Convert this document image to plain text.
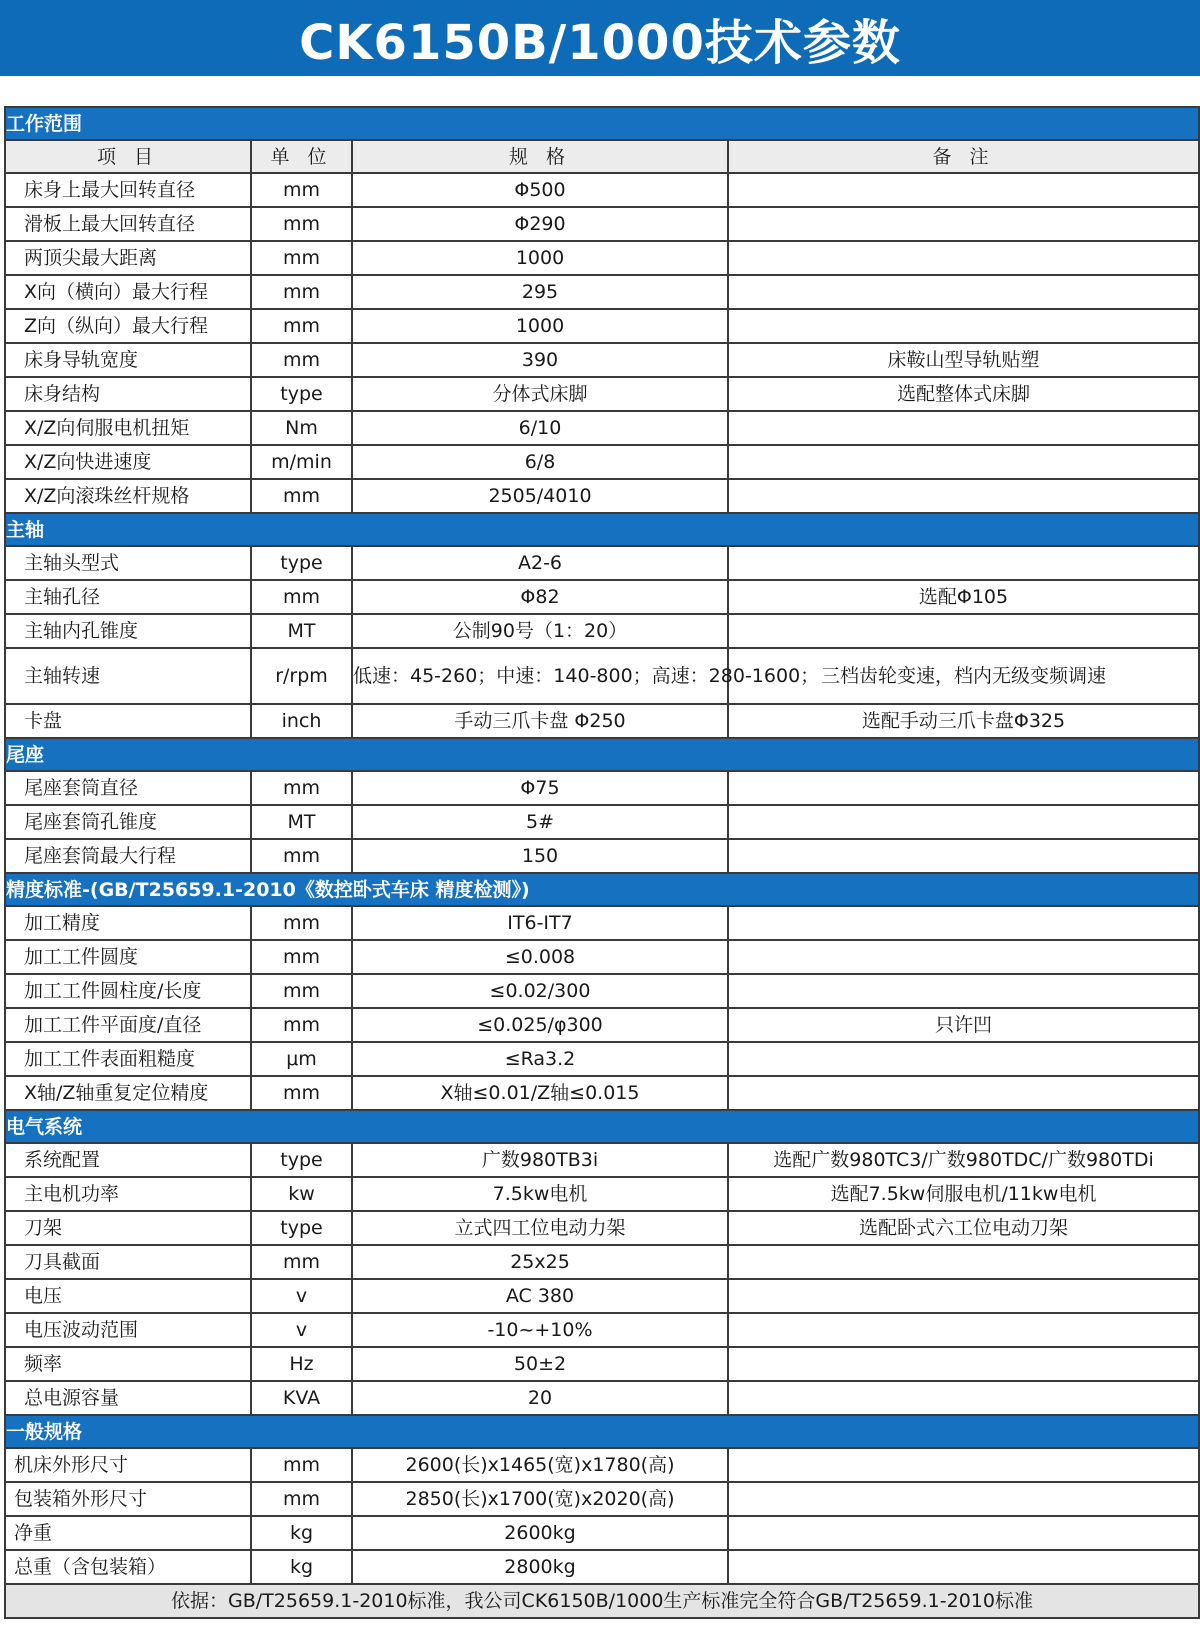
CK6150B/1000技术参数
工作范围			
项 目	单 位	规 格	备 注
床身上最大回转直径	mm	Φ500	
滑板上最大回转直径	mm	Φ290	
两顶尖最大距离	mm	1000	
X向（横向）最大行程	mm	295	
Z向（纵向）最大行程	mm	1000	
床身导轨宽度	mm	390	床鞍山型导轨贴塑
床身结构	type	分体式床脚	选配整体式床脚
X/Z向伺服电机扭矩	Nm	6/10	
X/Z向快进速度	m/min	6/8	
X/Z向滚珠丝杆规格	mm	2505/4010	
主轴			
主轴头型式	type	A2-6	
主轴孔径	mm	Φ82	选配Φ105
主轴内孔锥度	MT	公制90号（1：20）	
主轴转速	r/rpm	低速：45-260；中速：140-800；高速：280-1600；	三档齿轮变速，档内无级变频调速
卡盘	inch	手动三爪卡盘 Φ250	选配手动三爪卡盘Φ325
尾座			
尾座套筒直径	mm	Φ75	
尾座套筒孔锥度	MT	5#	
尾座套筒最大行程	mm	150	
精度标准-(GB/T25659.1-2010《数控卧式车床 精度检测》)			
加工精度	mm	IT6-IT7	
加工工件圆度	mm	≤0.008	
加工工件圆柱度/长度	mm	≤0.02/300	
加工工件平面度/直径	mm	≤0.025/φ300	只许凹
加工工件表面粗糙度	μm	≤Ra3.2	
X轴/Z轴重复定位精度	mm	X轴≤0.01/Z轴≤0.015	
电气系统			
系统配置	type	广数980TB3i	选配广数980TC3/广数980TDC/广数980TDi
主电机功率	kw	7.5kw电机	选配7.5kw伺服电机/11kw电机
刀架	type	立式四工位电动力架	选配卧式六工位电动刀架
刀具截面	mm	25x25	
电压	v	AC 380	
电压波动范围	v	-10~+10%	
频率	Hz	50±2	
总电源容量	KVA	20	
一般规格			
机床外形尺寸	mm	2600(长)x1465(宽)x1780(高)	
包装箱外形尺寸	mm	2850(长)x1700(宽)x2020(高)	
净重	kg	2600kg	
总重（含包装箱）	kg	2800kg	
依据：GB/T25659.1-2010标准，我公司CK6150B/1000生产标准完全符合GB/T25659.1-2010标准			
